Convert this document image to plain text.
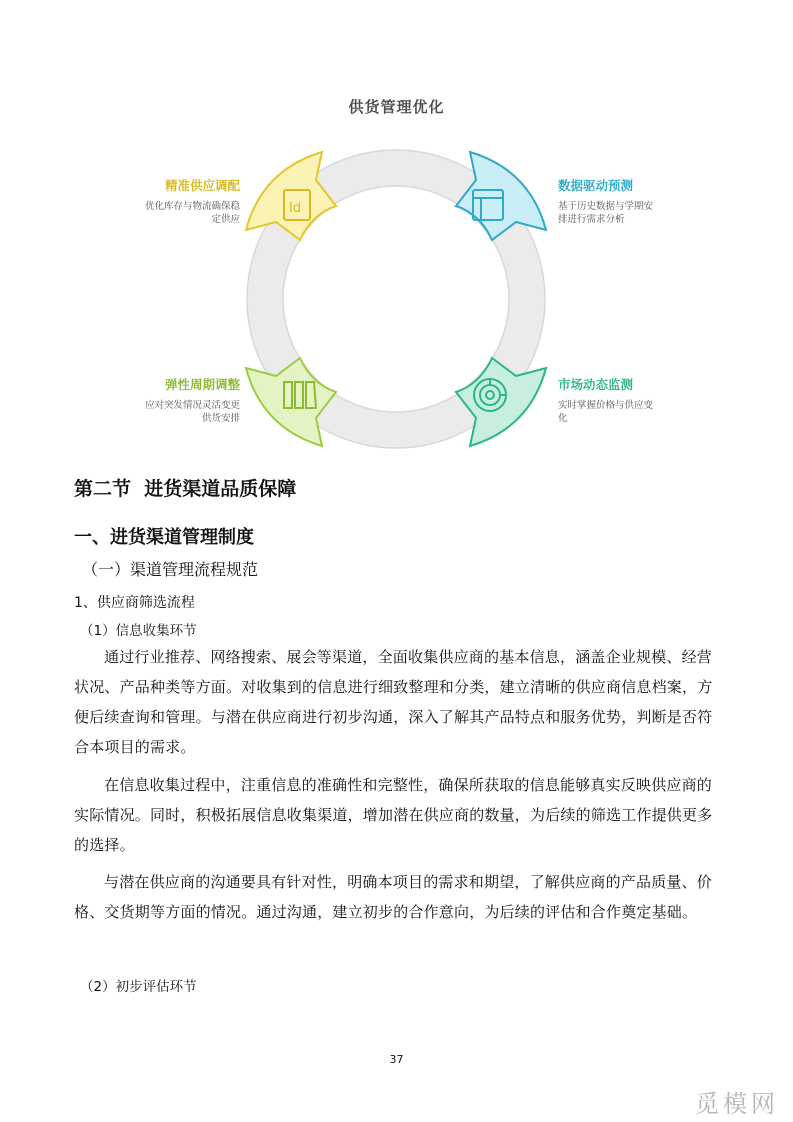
供货管理优化
Id
精准供应调配
优化库存与物流确保稳
定供应
数据驱动预测
基于历史数据与学期安
排进行需求分析
市场动态监测
实时掌握价格与供应变
化
弹性周期调整
应对突发情况灵活变更
供货安排
第二节  进货渠道品质保障
一、进货渠道管理制度
（一）渠道管理流程规范
1、供应商筛选流程
（1）信息收集环节
通过行业推荐、网络搜索、展会等渠道，全面收集供应商的基本信息，涵盖企业规模、经营状况、产品种类等方面。对收集到的信息进行细致整理和分类，建立清晰的供应商信息档案，方便后续查询和管理。与潜在供应商进行初步沟通，深入了解其产品特点和服务优势，判断是否符合本项目的需求。
在信息收集过程中，注重信息的准确性和完整性，确保所获取的信息能够真实反映供应商的实际情况。同时，积极拓展信息收集渠道，增加潜在供应商的数量，为后续的筛选工作提供更多的选择。
与潜在供应商的沟通要具有针对性，明确本项目的需求和期望，了解供应商的产品质量、价格、交货期等方面的情况。通过沟通，建立初步的合作意向，为后续的评估和合作奠定基础。
（2）初步评估环节
37
觅模网
